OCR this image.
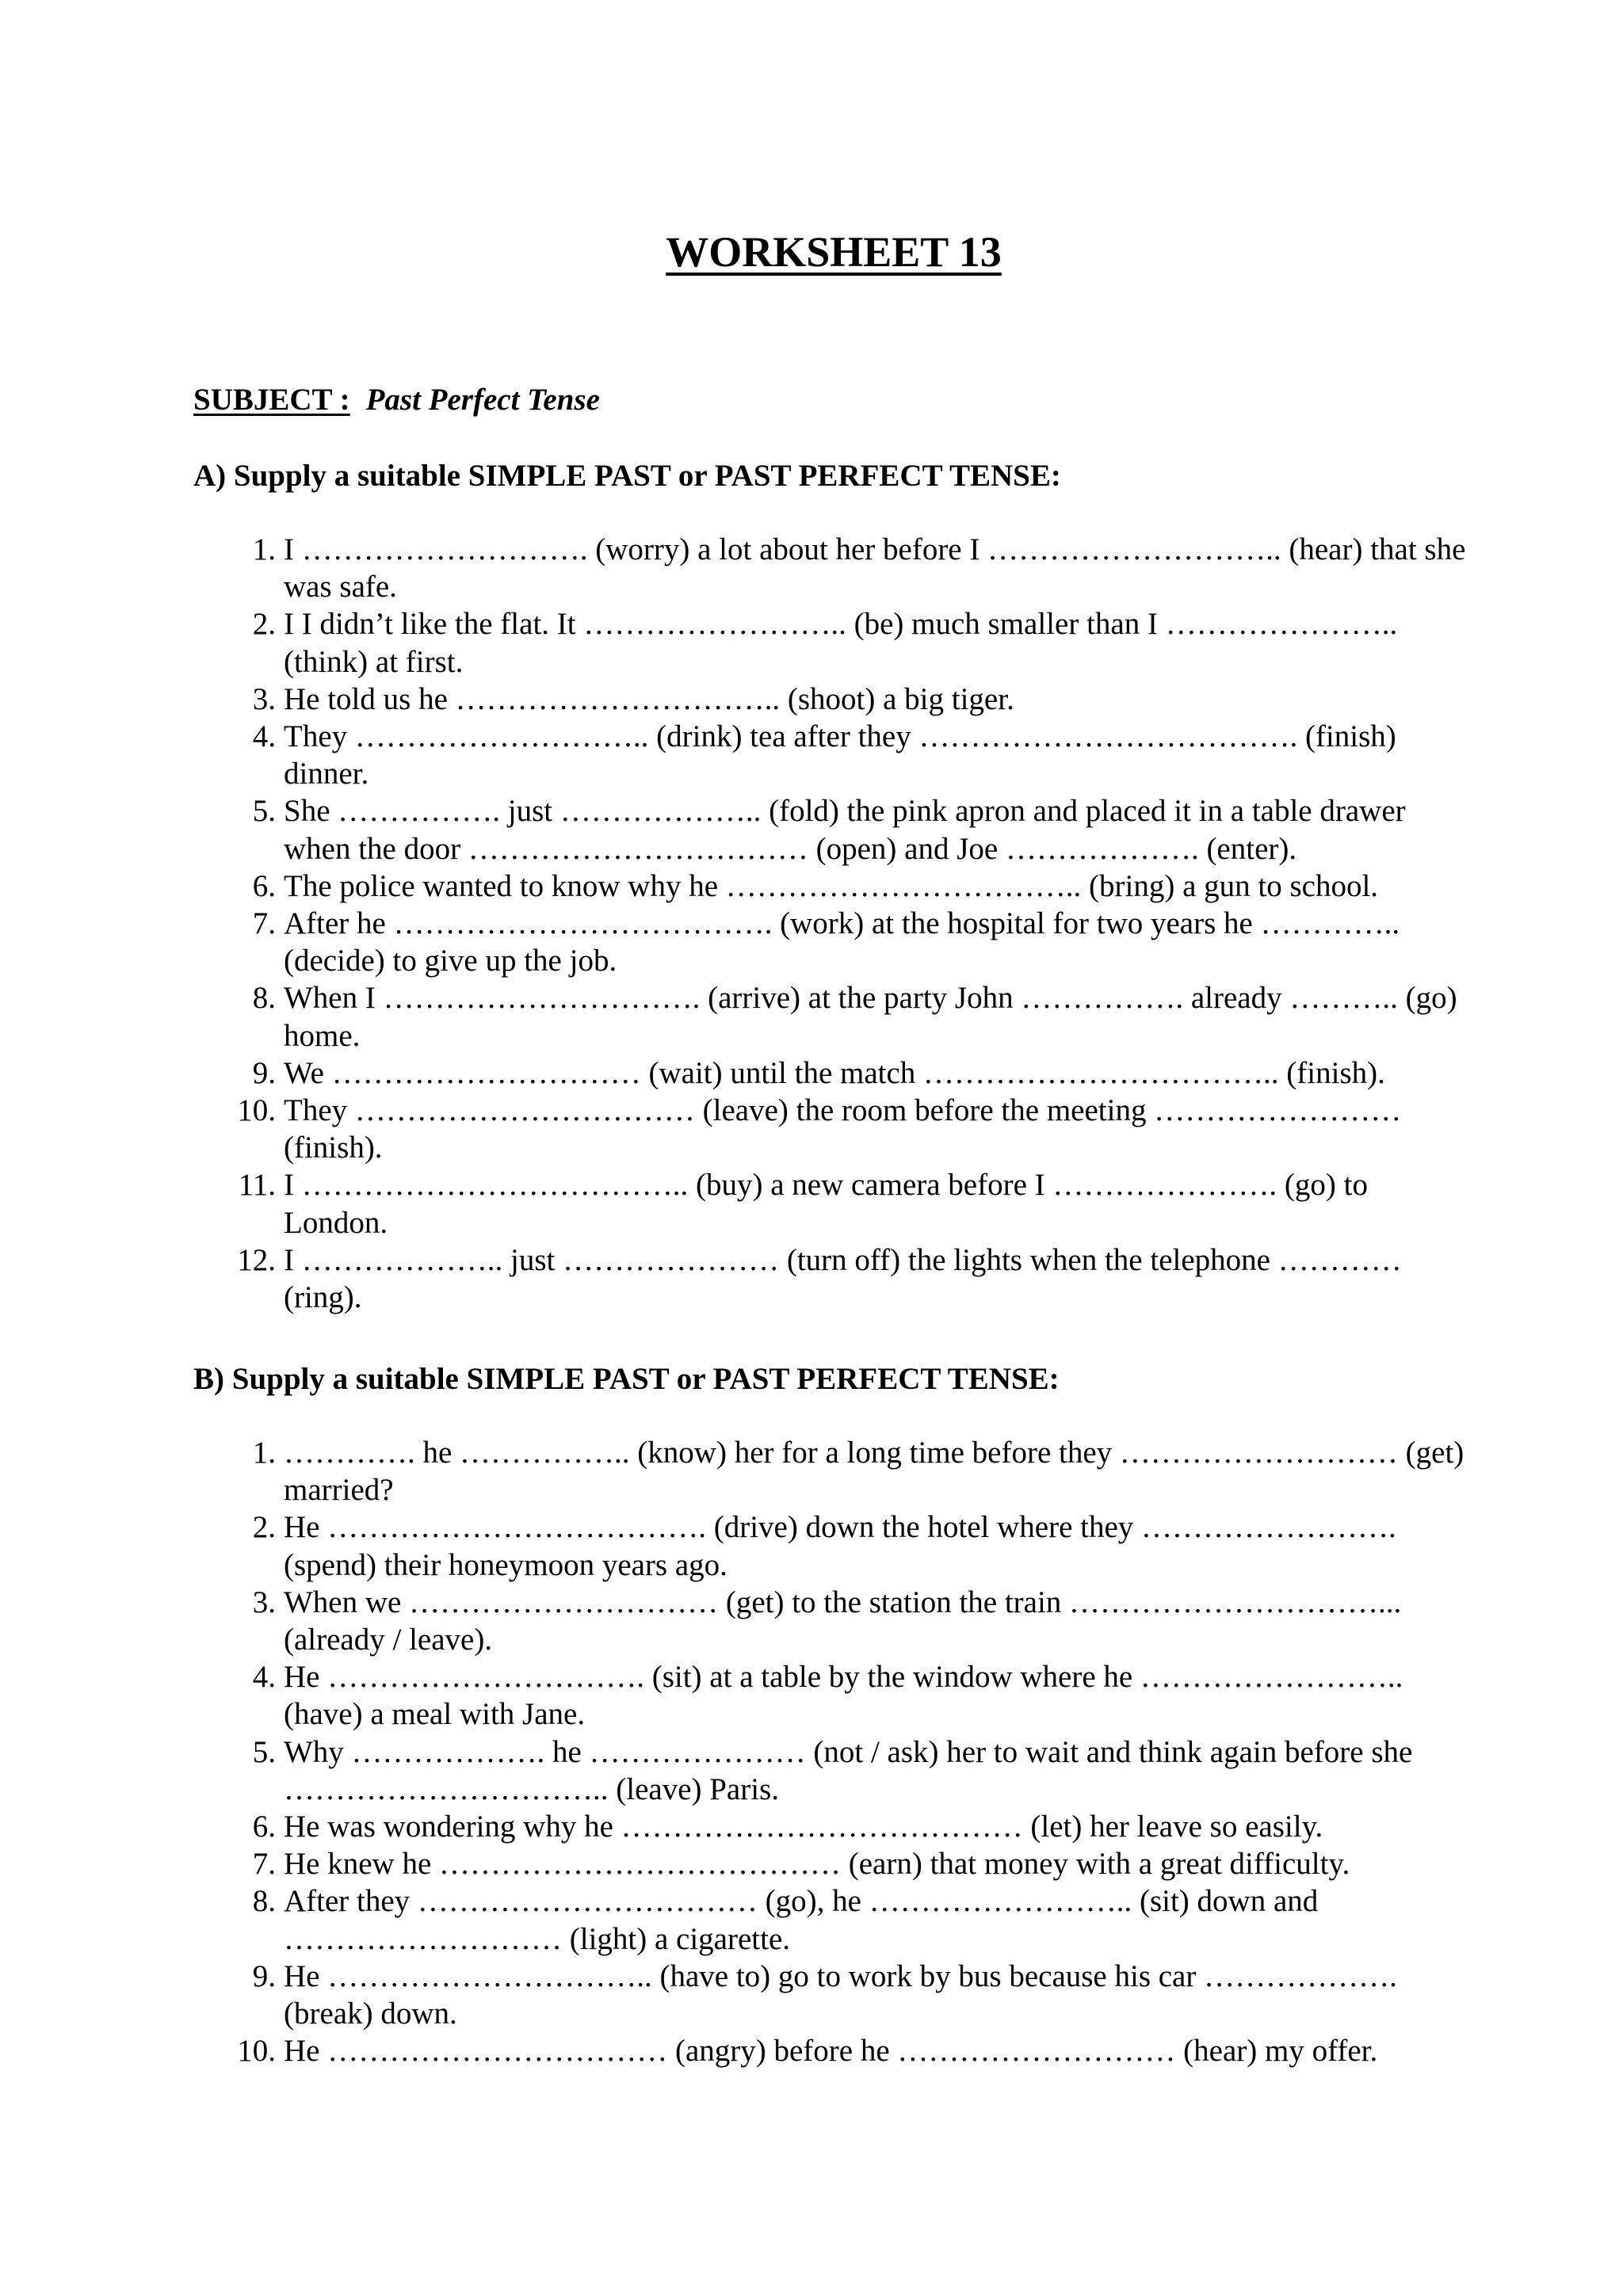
WORKSHEET 13
SUBJECT : Past Perfect Tense
A) Supply a suitable SIMPLE PAST or PAST PERFECT TENSE:
1. I ………………………. (worry) a lot about her before I ……………………….. (hear) that she was safe.
2. I I didn’t like the flat. It …………………….. (be) much smaller than I ………………….. (think) at first.
3. He told us he ………………………….. (shoot) a big tiger.
4. They ……………………….. (drink) tea after they ………………………………. (finish) dinner.
5. She ……………. just ……………….. (fold) the pink apron and placed it in a table drawer when the door …………………………… (open) and Joe ………………. (enter).
6. The police wanted to know why he …………………………….. (bring) a gun to school.
7. After he ………………………………. (work) at the hospital for two years he ………….. (decide) to give up the job.
8. When I …………………………. (arrive) at the party John ……………. already ……….. (go) home.
9. We ………………………… (wait) until the match …………………………….. (finish).
10. They …………………………… (leave) the room before the meeting …………………… (finish).
11. I ……………………………….. (buy) a new camera before I …………………. (go) to London.
12. I ……………….. just ………………… (turn off) the lights when the telephone ………… (ring).
B) Supply a suitable SIMPLE PAST or PAST PERFECT TENSE:
1. …………. he …………….. (know) her for a long time before they ……………………… (get) married?
2. He ………………………………. (drive) down the hotel where they ……………………. (spend) their honeymoon years ago.
3. When we ………………………… (get) to the station the train …………………………... (already / leave).
4. He …………………………. (sit) at a table by the window where he …………………….. (have) a meal with Jane.
5. Why ………………. he ………………… (not / ask) her to wait and think again before she ………………………….. (leave) Paris.
6. He was wondering why he ………………………………… (let) her leave so easily.
7. He knew he ………………………………… (earn) that money with a great difficulty.
8. After they …………………………… (go), he …………………….. (sit) down and ……………………… (light) a cigarette.
9. He ………………………….. (have to) go to work by bus because his car ………………. (break) down.
10. He …………………………… (angry) before he ……………………… (hear) my offer.
